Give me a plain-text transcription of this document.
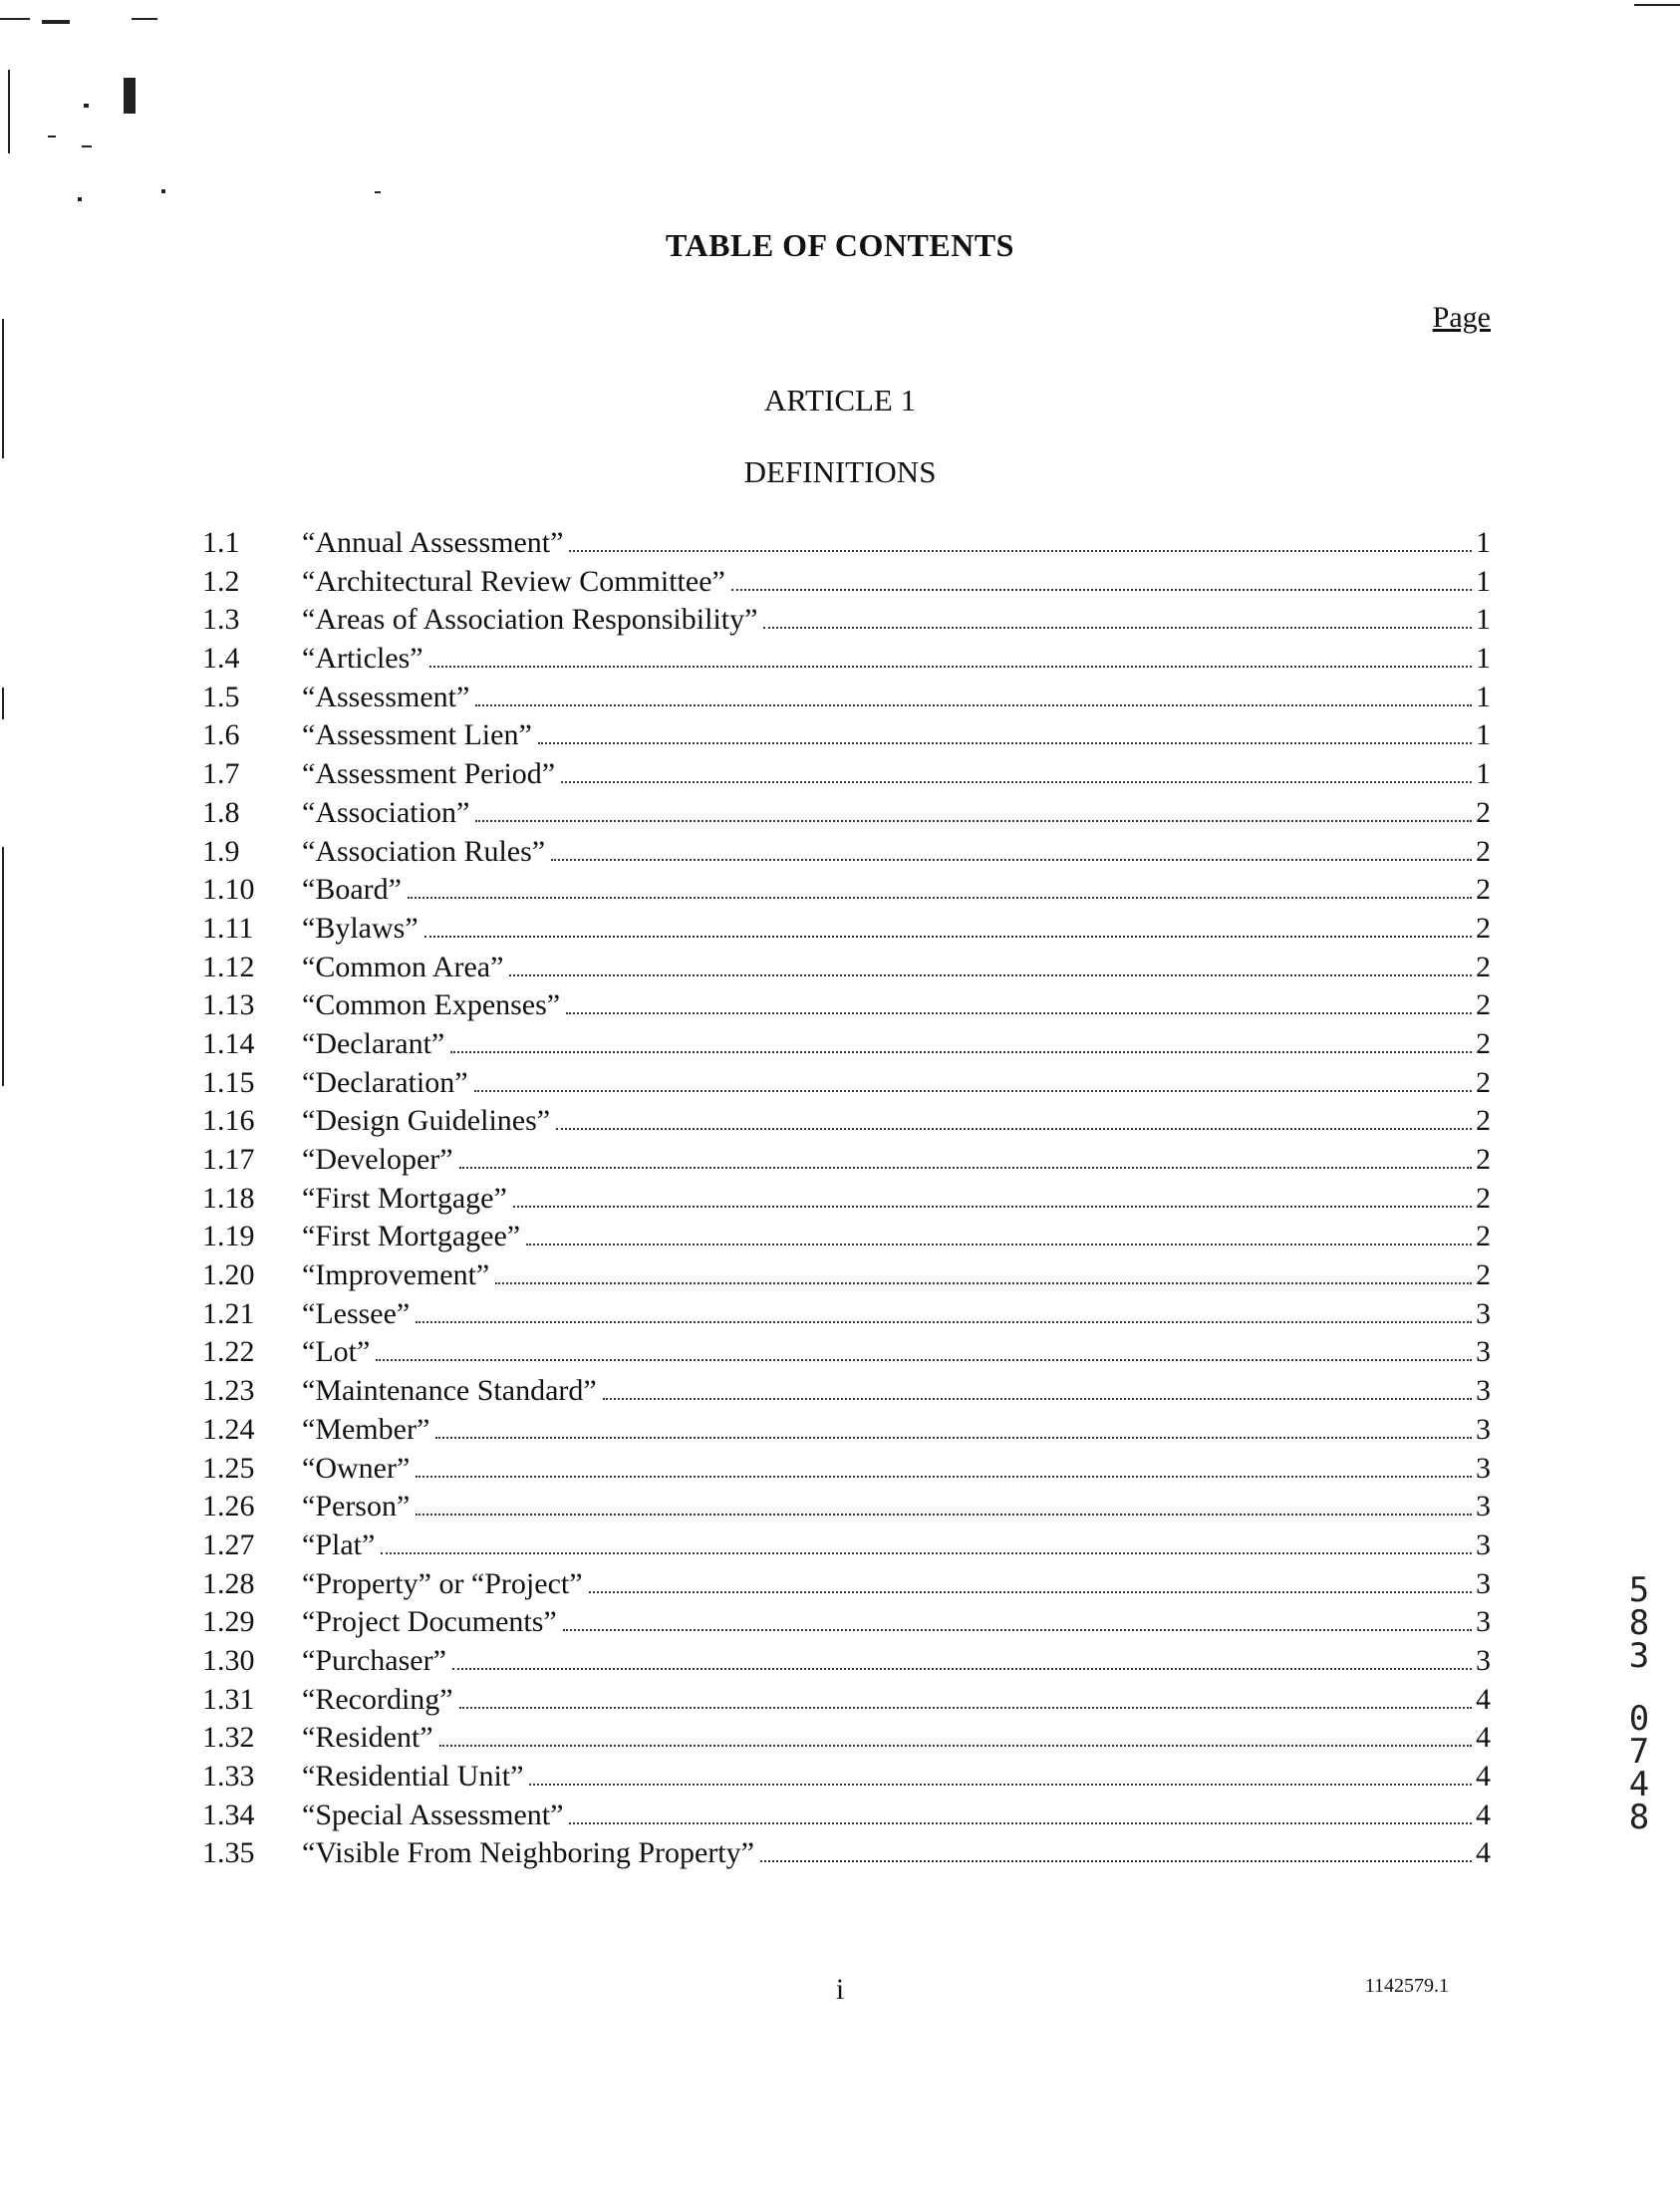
TABLE OF CONTENTS
Page
ARTICLE 1
DEFINITIONS
1.1	“Annual Assessment”	1
1.2	“Architectural Review Committee”	1
1.3	“Areas of Association Responsibility”	1
1.4	“Articles”	1
1.5	“Assessment”	1
1.6	“Assessment Lien”	1
1.7	“Assessment Period”	1
1.8	“Association”	2
1.9	“Association Rules”	2
1.10	“Board”	2
1.11	“Bylaws”	2
1.12	“Common Area”	2
1.13	“Common Expenses”	2
1.14	“Declarant”	2
1.15	“Declaration”	2
1.16	“Design Guidelines”	2
1.17	“Developer”	2
1.18	“First Mortgage”	2
1.19	“First Mortgagee”	2
1.20	“Improvement”	2
1.21	“Lessee”	3
1.22	“Lot”	3
1.23	“Maintenance Standard”	3
1.24	“Member”	3
1.25	“Owner”	3
1.26	“Person”	3
1.27	“Plat”	3
1.28	“Property” or “Project”	3
1.29	“Project Documents”	3
1.30	“Purchaser”	3
1.31	“Recording”	4
1.32	“Resident”	4
1.33	“Residential Unit”	4
1.34	“Special Assessment”	4
1.35	“Visible From Neighboring Property”	4
i	1142579.1
5
8
3
0
7
4
8
